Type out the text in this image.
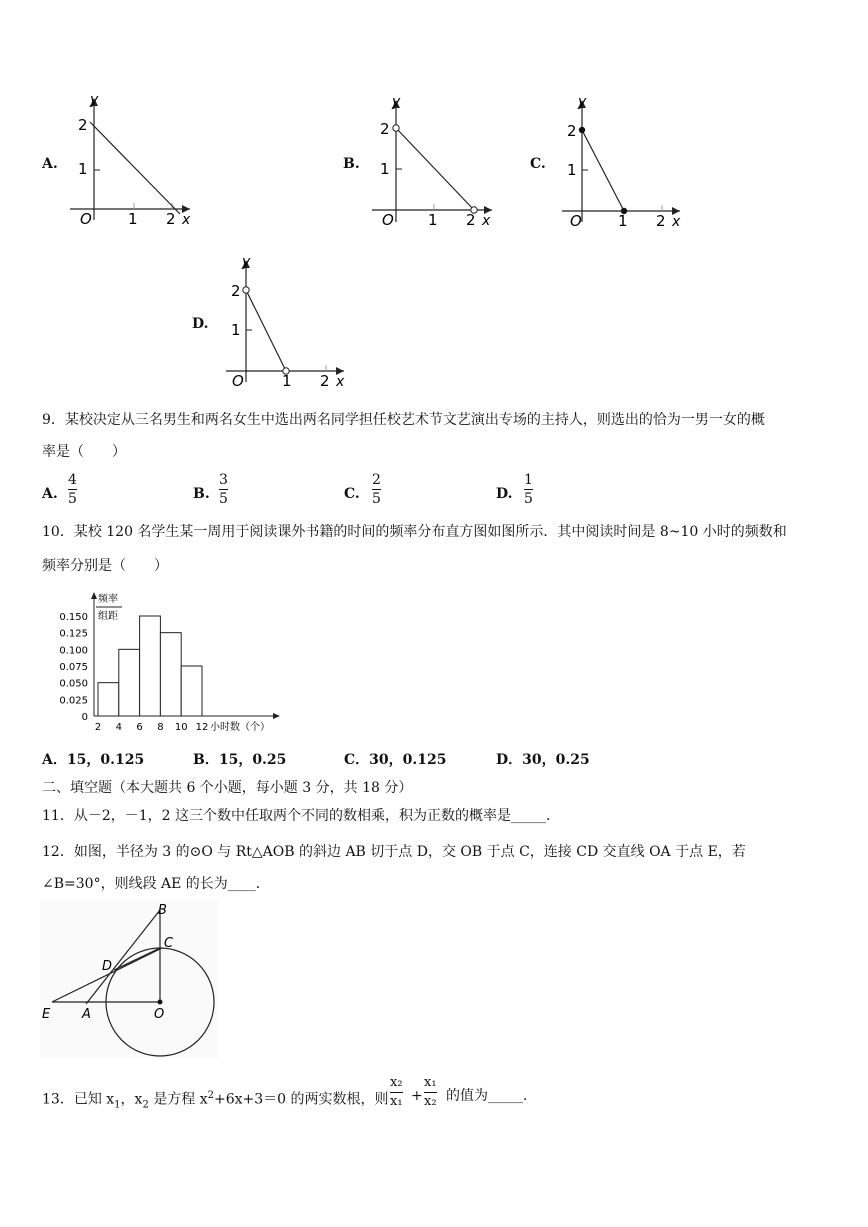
A.
y
2
1
O 1 2 x
B.
y
2
1
O 1 2 x
C.
y
2
1
O 1 2 x
D.
y
2
1
O	1 2 x
9．某校决定从三名男生和两名女生中选出两名同学担任校艺术节文艺演出专场的主持人，则选出的恰为一男一女的概
率是（　　）
A.
4
5	B.
3
5	C.
2
5	D.
1
5
10．某校 120 名学生某一周用于阅读课外书籍的时间的频率分布直方图如图所示．其中阅读时间是 8~10 小时的频数和
频率分别是（　　）
频率
组距
0.150
0.125
0.100
0.075
0.050
0.025
0
2 4 6 8 10 12 小时数（个）
A．15，0.125	B．15，0.25	C．30，0.125	D．30，0.25
二、填空题（本大题共 6 个小题，每小题 3 分，共 18 分）
11．从－2，－1，2 这三个数中任取两个不同的数相乘，积为正数的概率是_____．
12．如图，半径为 3 的⊙O 与 Rt△AOB 的斜边 AB 切于点 D，交 OB 于点 C，连接 CD 交直线 OA 于点 E，若
∠B=30°，则线段 AE 的长为____．
B
C
D
E A	O
13．已知 $x_1$，$x_2$ 是方程 $x^2+6x+3=0$ 的两实数根，则
x₂
x₁ +
x₁
x₂ 的值为_____．
